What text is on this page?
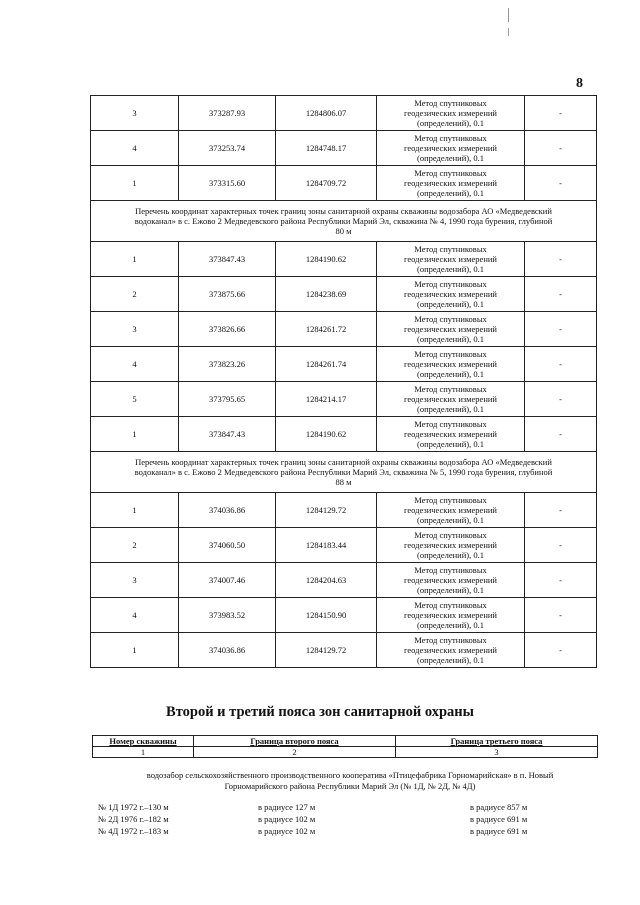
8
3	373287.93	1284806.07	Метод спутниковых
геодезических измерений
(определений), 0.1	-
4	373253.74	1284748.17	Метод спутниковых
геодезических измерений
(определений), 0.1	-
1	373315.60	1284709.72	Метод спутниковых
геодезических измерений
(определений), 0.1	-

Перечень координат характерных точек границ зоны санитарной охраны скважины водозабора АО «Медведевский
водоканал» в с. Ежово 2 Медведевского района Республики Марий Эл, скважина № 4, 1990 года бурения, глубиной
80 м				

1	373847.43	1284190.62	Метод спутниковых
геодезических измерений
(определений), 0.1	-
2	373875.66	1284238.69	Метод спутниковых
геодезических измерений
(определений), 0.1	-
3	373826.66	1284261.72	Метод спутниковых
геодезических измерений
(определений), 0.1	-
4	373823.26	1284261.74	Метод спутниковых
геодезических измерений
(определений), 0.1	-
5	373795.65	1284214.17	Метод спутниковых
геодезических измерений
(определений), 0.1	-
1	373847.43	1284190.62	Метод спутниковых
геодезических измерений
(определений), 0.1	-

Перечень координат характерных точек границ зоны санитарной охраны скважины водозабора АО «Медведевский
водоканал» в с. Ежово 2 Медведевского района Республики Марий Эл, скважина № 5, 1990 года бурения, глубиной
88 м				

1	374036.86	1284129.72	Метод спутниковых
геодезических измерений
(определений), 0.1	-
2	374060.50	1284183.44	Метод спутниковых
геодезических измерений
(определений), 0.1	-
3	374007.46	1284204.63	Метод спутниковых
геодезических измерений
(определений), 0.1	-
4	373983.52	1284150.90	Метод спутниковых
геодезических измерений
(определений), 0.1	-
1	374036.86	1284129.72	Метод спутниковых
геодезических измерений
(определений), 0.1	-
Второй и третий пояса зон санитарной охраны
Номер скважины	Граница второго пояса	Граница третьего пояса
1	2	3
водозабор сельскохозяйственного производственного кооператива «Птицефабрика Горномарийская» в п. Новый
Горномарийского района Республики Марий Эл (№ 1Д, № 2Д, № 4Д)
№ 1Д 1972 г.–130 м	в радиусе 127 м	в радиусе 857 м
№ 2Д 1976 г.–182 м	в радиусе 102 м	в радиусе 691 м
№ 4Д 1972 г.–183 м	в радиусе 102 м	в радиусе 691 м
